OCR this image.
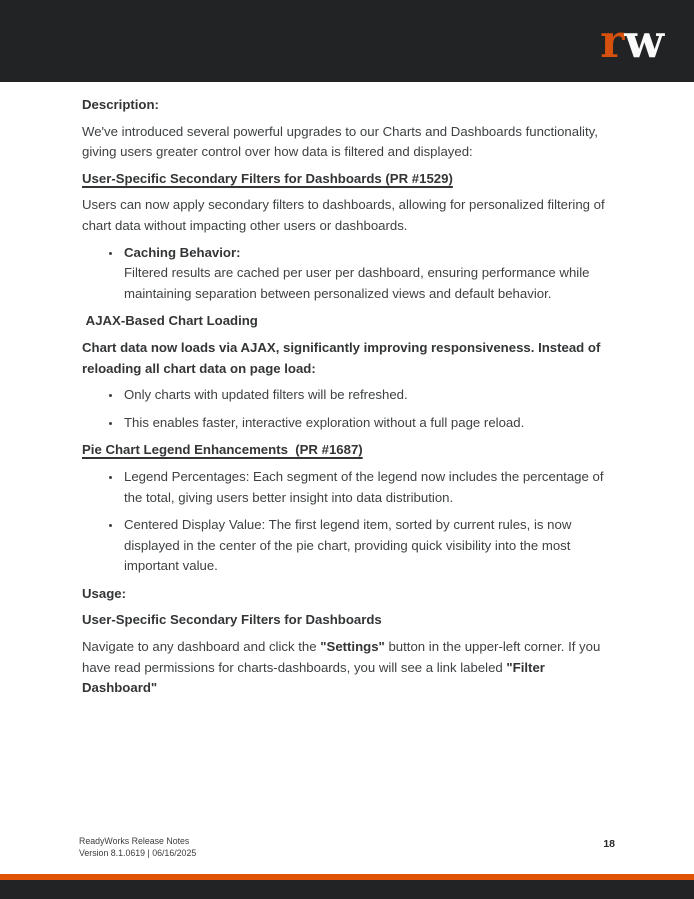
rw
Description:
We've introduced several powerful upgrades to our Charts and Dashboards functionality, giving users greater control over how data is filtered and displayed:
User-Specific Secondary Filters for Dashboards (PR #1529)
Users can now apply secondary filters to dashboards, allowing for personalized filtering of chart data without impacting other users or dashboards.
• Caching Behavior:
Filtered results are cached per user per dashboard, ensuring performance while maintaining separation between personalized views and default behavior.
AJAX-Based Chart Loading
Chart data now loads via AJAX, significantly improving responsiveness. Instead of reloading all chart data on page load:
• Only charts with updated filters will be refreshed.
• This enables faster, interactive exploration without a full page reload.
Pie Chart Legend Enhancements  (PR #1687)
• Legend Percentages: Each segment of the legend now includes the percentage of the total, giving users better insight into data distribution.
• Centered Display Value: The first legend item, sorted by current rules, is now displayed in the center of the pie chart, providing quick visibility into the most important value.
Usage:
User-Specific Secondary Filters for Dashboards
Navigate to any dashboard and click the "Settings" button in the upper-left corner. If you have read permissions for charts-dashboards, you will see a link labeled "Filter Dashboard"
ReadyWorks Release Notes
Version 8.1.0619 | 06/16/2025
18
